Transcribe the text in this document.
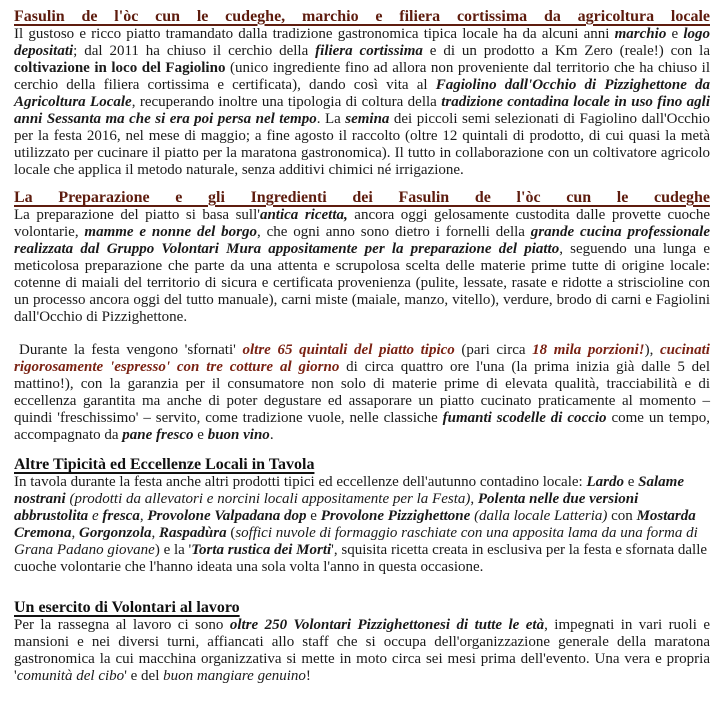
Fasulin de l'òc cun le cudeghe, marchio e filiera cortissima da agricoltura locale

Il gustoso e ricco piatto tramandato dalla tradizione gastronomica tipica locale ha da alcuni anni marchio e logo depositati; dal 2011 ha chiuso il cerchio della filiera cortissima e di un prodotto a Km Zero (reale!) con la coltivazione in loco del Fagiolino (unico ingrediente fino ad allora non proveniente dal territorio che ha chiuso il cerchio della filiera cortissima e certificata), dando così vita al Fagiolino dall'Occhio di Pizzighettone da Agricoltura Locale, recuperando inoltre una tipologia di coltura della tradizione contadina locale in uso fino agli anni Sessanta ma che si era poi persa nel tempo. La semina dei piccoli semi selezionati di Fagiolino dall'Occhio per la festa 2016, nel mese di maggio; a fine agosto il raccolto (oltre 12 quintali di prodotto, di cui quasi la metà utilizzato per cucinare il piatto per la maratona gastronomica). Il tutto in collaborazione con un coltivatore agricolo locale che applica il metodo naturale, senza additivi chimici né irrigazione.

La Preparazione e gli Ingredienti dei Fasulin de l'òc cun le cudeghe

La preparazione del piatto si basa sull'antica ricetta, ancora oggi gelosamente custodita dalle provette cuoche volontarie, mamme e nonne del borgo, che ogni anno sono dietro i fornelli della grande cucina professionale realizzata dal Gruppo Volontari Mura appositamente per la preparazione del piatto, seguendo una lunga e meticolosa preparazione che parte da una attenta e scrupolosa scelta delle materie prime tutte di origine locale: cotenne di maiali del territorio di sicura e certificata provenienza (pulite, lessate, rasate e ridotte a striscioline con un processo ancora oggi del tutto manuale), carni miste (maiale, manzo, vitello), verdure, brodo di carni e Fagiolini dall'Occhio di Pizzighettone.

Durante la festa vengono 'sfornati' oltre 65 quintali del piatto tipico (pari circa 18 mila porzioni!), cucinati rigorosamente 'espresso' con tre cotture al giorno di circa quattro ore l'una (la prima inizia già dalle 5 del mattino!), con la garanzia per il consumatore non solo di materie prime di elevata qualità, tracciabilità e di eccellenza garantita ma anche di poter degustare ed assaporare un piatto cucinato praticamente al momento – quindi 'freschissimo' – servito, come tradizione vuole, nelle classiche fumanti scodelle di coccio come un tempo, accompagnato da pane fresco e buon vino.

Altre Tipicità ed Eccellenze Locali in Tavola

In tavola durante la festa anche altri prodotti tipici ed eccellenze dell'autunno contadino locale: Lardo e Salame nostrani (prodotti da allevatori e norcini locali appositamente per la Festa), Polenta nelle due versioni abbrustolita e fresca, Provolone Valpadana dop e Provolone Pizzighettone (dalla locale Latteria) con Mostarda Cremona, Gorgonzola, Raspadùra (soffici nuvole di formaggio raschiate con una apposita lama da una forma di Grana Padano giovane) e la 'Torta rustica dei Morti', squisita ricetta creata in esclusiva per la festa e sfornata dalle cuoche volontarie che l'hanno ideata una sola volta l'anno in questa occasione.

Un esercito di Volontari al lavoro

Per la rassegna al lavoro ci sono oltre 250 Volontari Pizzighettonesi di tutte le età, impegnati in vari ruoli e mansioni e nei diversi turni, affiancati allo staff che si occupa dell'organizzazione generale della maratona gastronomica la cui macchina organizzativa si mette in moto circa sei mesi prima dell'evento. Una vera e propria 'comunità del cibo' e del buon mangiare genuino!
